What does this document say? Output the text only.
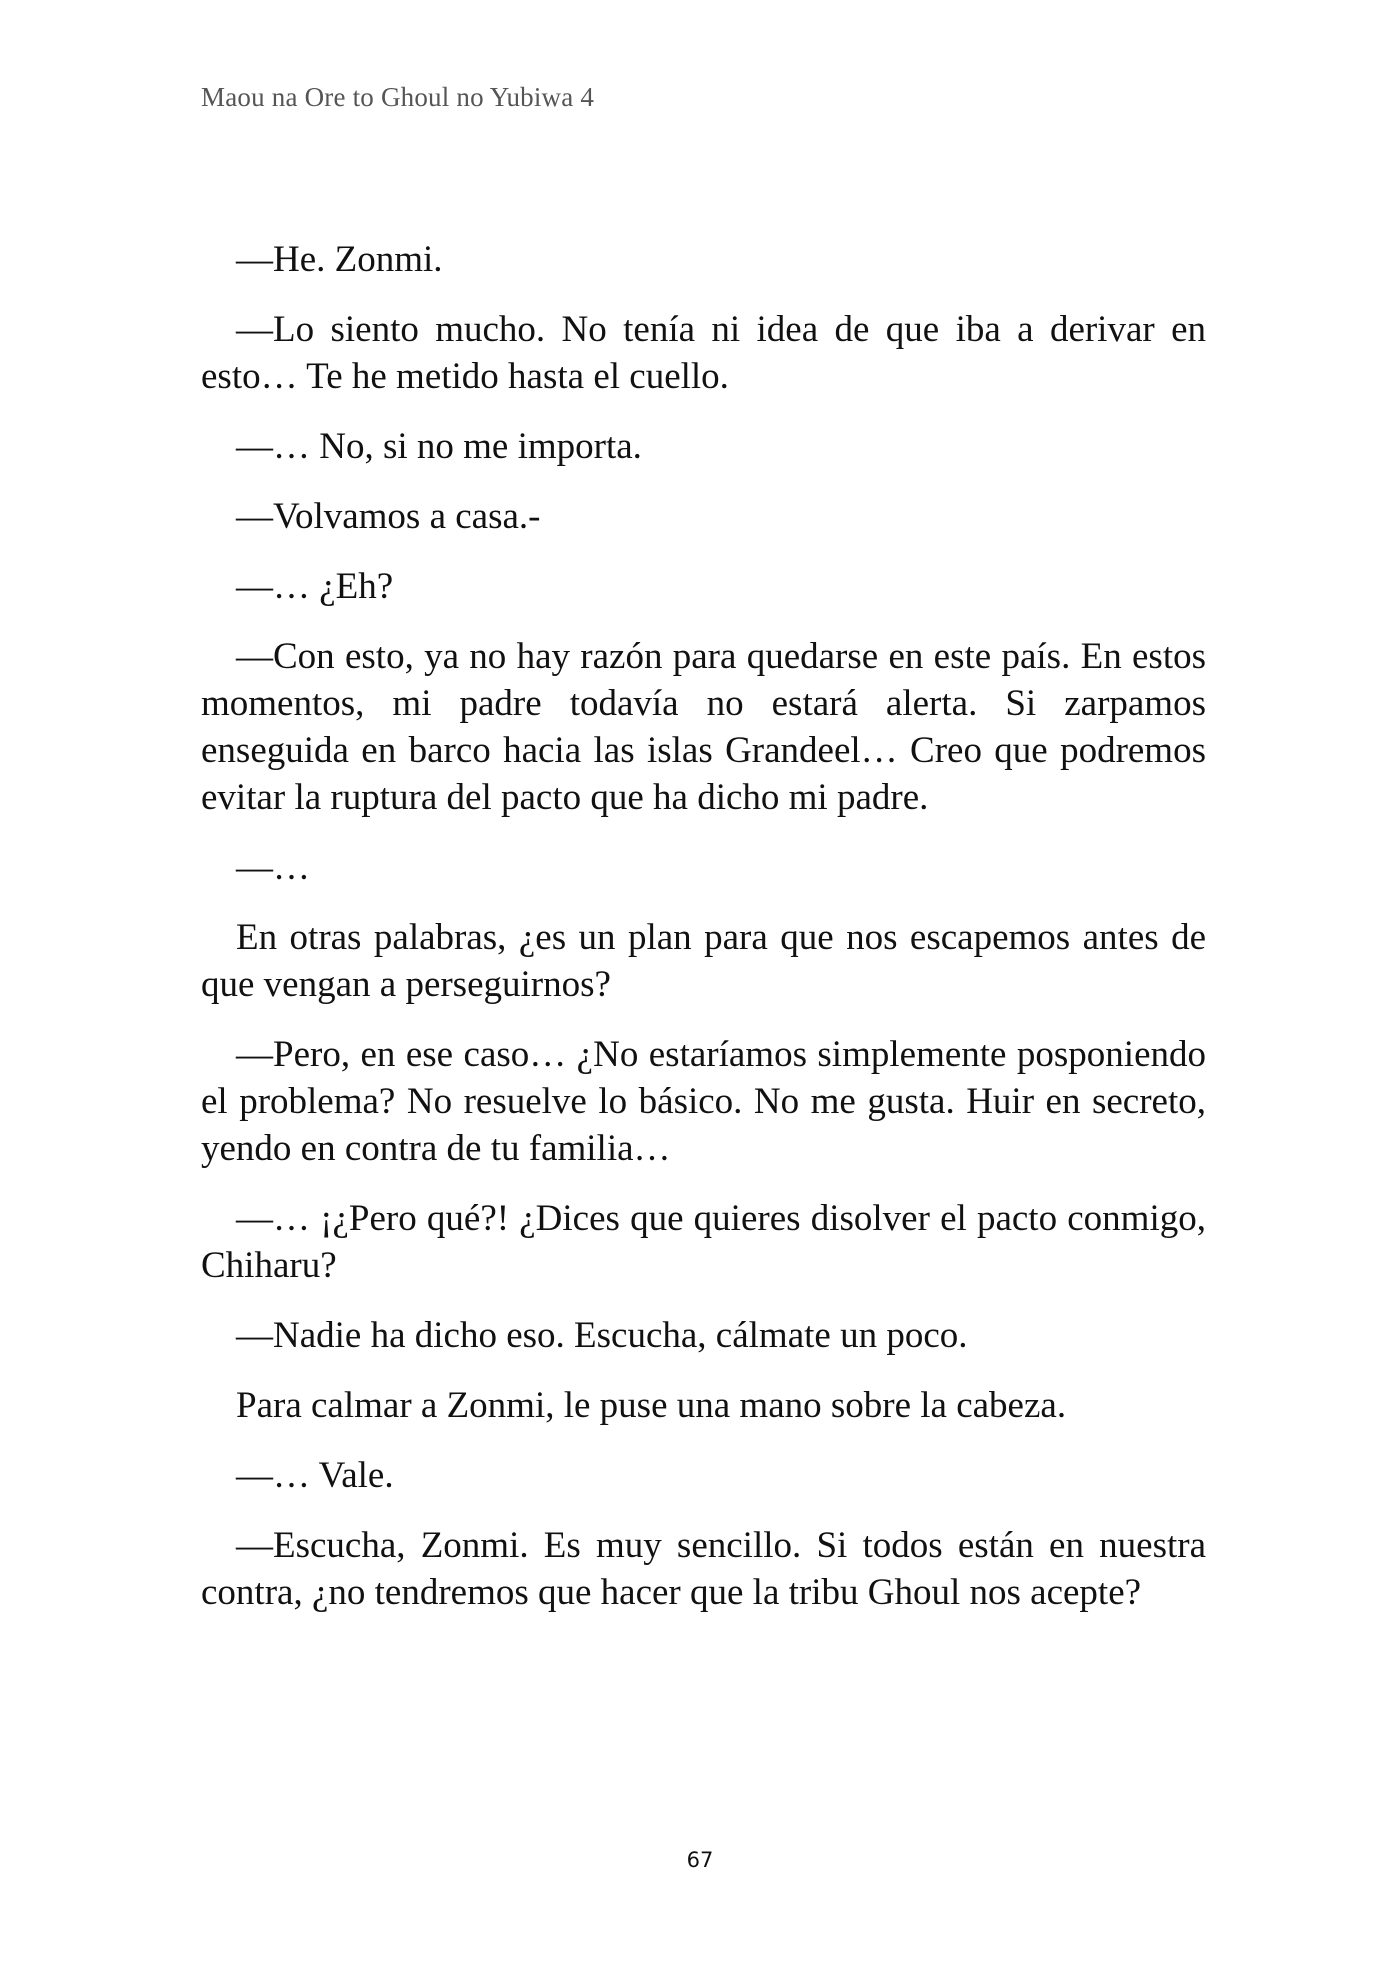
Maou na Ore to Ghoul no Yubiwa 4

—He. Zonmi.

—Lo siento mucho. No tenía ni idea de que iba a derivar en esto… Te he metido hasta el cuello.

—… No, si no me importa.

—Volvamos a casa.-

—… ¿Eh?

—Con esto, ya no hay razón para quedarse en este país. En estos momentos, mi padre todavía no estará alerta. Si zarpamos enseguida en barco hacia las islas Grandeel… Creo que podremos evitar la ruptura del pacto que ha dicho mi padre.

—…

En otras palabras, ¿es un plan para que nos escapemos antes de que vengan a perseguirnos?

—Pero, en ese caso… ¿No estaríamos simplemente posponiendo el problema? No resuelve lo básico. No me gusta. Huir en secreto, yendo en contra de tu familia…

—… ¡¿Pero qué?! ¿Dices que quieres disolver el pacto conmigo, Chiharu?

—Nadie ha dicho eso. Escucha, cálmate un poco.

Para calmar a Zonmi, le puse una mano sobre la cabeza.

—… Vale.

—Escucha, Zonmi. Es muy sencillo. Si todos están en nuestra contra, ¿no tendremos que hacer que la tribu Ghoul nos acepte?

67
